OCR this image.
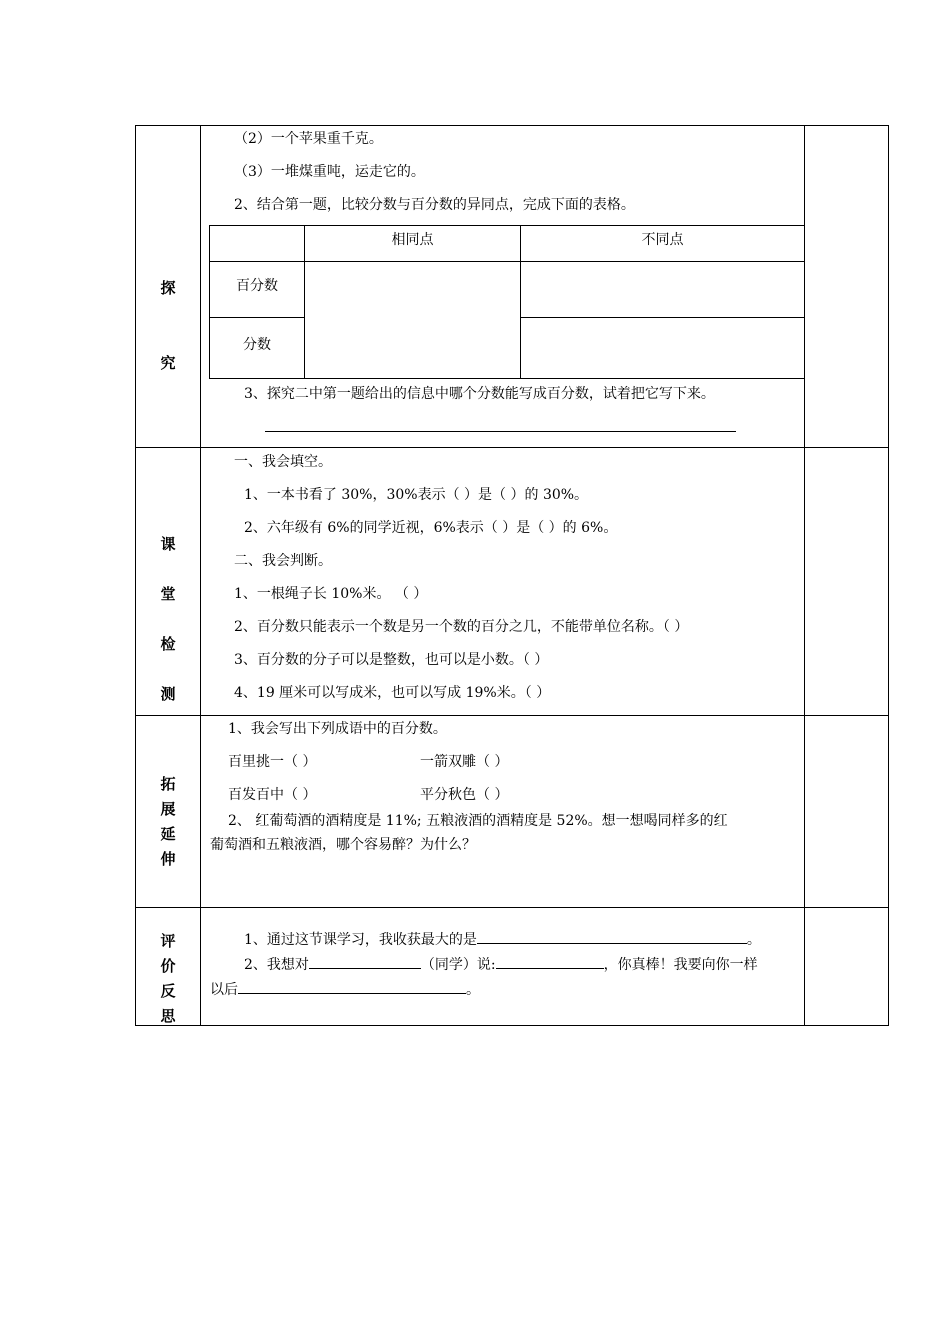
探
究
（2）一个苹果重千克。
（3）一堆煤重吨，运走它的。
2、结合第一题，比较分数与百分数的异同点，完成下面的表格。
相同点	不同点
百分数
分数
3、探究二中第一题给出的信息中哪个分数能写成百分数，试着把它写下来。
课
堂
检
测
一、我会填空。
1、一本书看了 30%，30%表示（ ）是（ ）的 30%。
2、六年级有 6%的同学近视，6%表示（ ）是（ ）的 6%。
二、我会判断。
1、一根绳子长 10%米。 （ ）
2、百分数只能表示一个数是另一个数的百分之几，不能带单位名称。（ ）
3、百分数的分子可以是整数，也可以是小数。（ ）
4、19 厘米可以写成米，也可以写成 19%米。（ ）
拓
展
延
伸
1、我会写出下列成语中的百分数。
百里挑一（ ）	一箭双雕（ ）
百发百中（ ）	平分秋色（ ）
2、 红葡萄酒的酒精度是 11%; 五粮液酒的酒精度是 52%。想一想喝同样多的红
葡萄酒和五粮液酒，哪个容易醉？为什么？
评
价
反
思
1、通过这节课学习，我收获最大的是	。
2、我想对	（同学）说:	，你真棒！我要向你一样
以后	。
